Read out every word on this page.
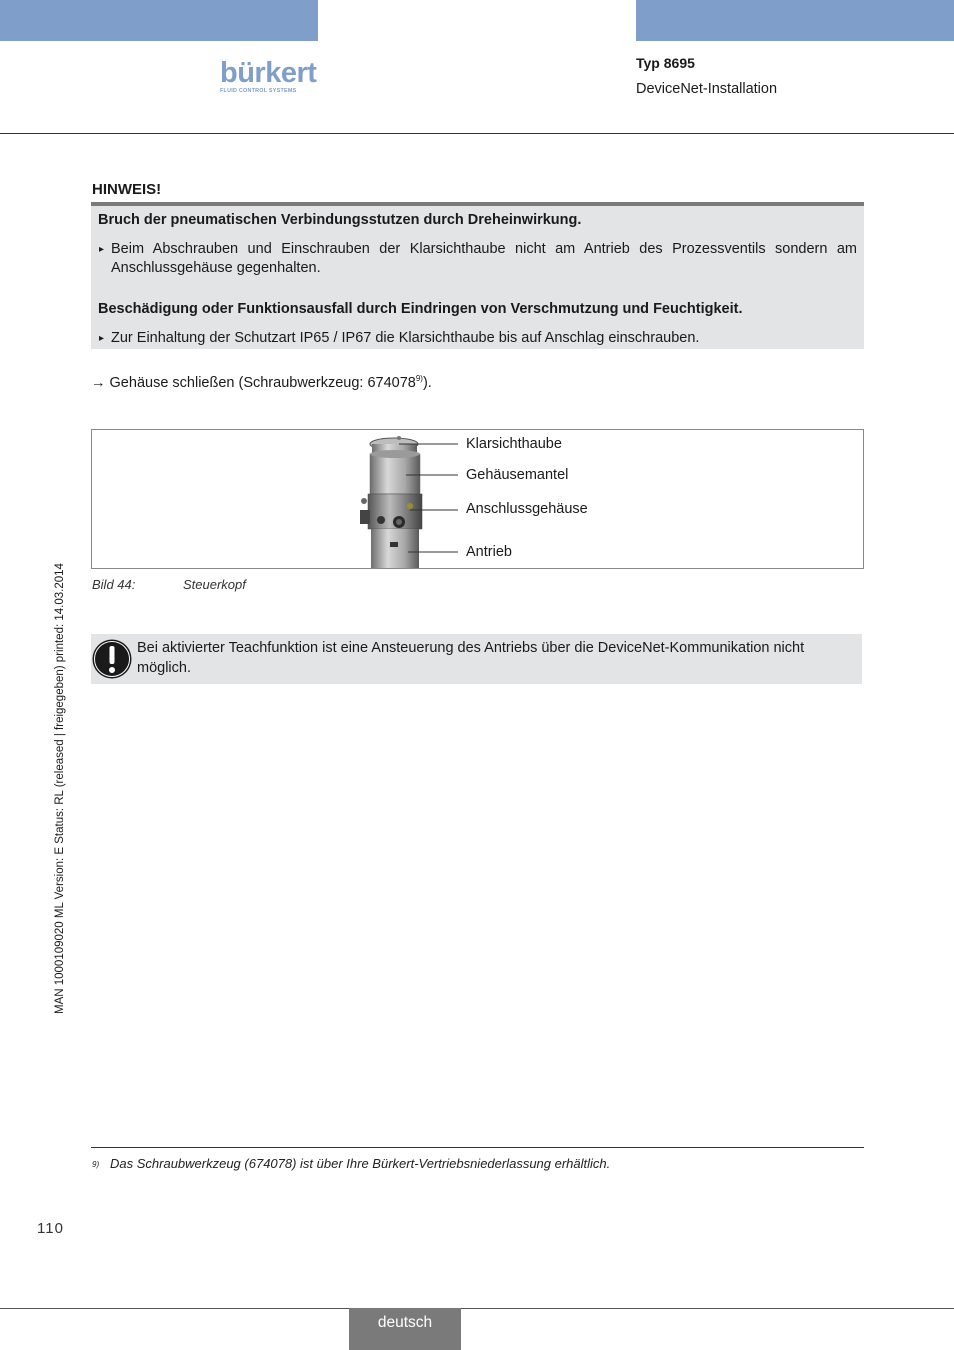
bürkert
FLUID CONTROL SYSTEMS
Typ 8695
DeviceNet-Installation
HINWEIS!
Bruch der pneumatischen Verbindungsstutzen durch Dreheinwirkung.
▸ Beim Abschrauben und Einschrauben der Klarsichthaube nicht am Antrieb des Prozessventils sondern am Anschlussgehäuse gegenhalten.
Beschädigung oder Funktionsausfall durch Eindringen von Verschmutzung und Feuchtigkeit.
▸ Zur Einhaltung der Schutzart IP65 / IP67 die Klarsichthaube bis auf Anschlag einschrauben.
→ Gehäuse schließen (Schraubwerkzeug: 674078$^{9)}$).
Klarsichthaube
Gehäusemantel
Anschlussgehäuse
Antrieb
Bild 44:	Steuerkopf
Bei aktivierter Teachfunktion ist eine Ansteuerung des Antriebs über die DeviceNet-Kommunikation nicht möglich.
MAN 1000109020 ML Version: E Status: RL (released | freigegeben) printed: 14.03.2014
9) Das Schraubwerkzeug (674078) ist über Ihre Bürkert-Vertriebsniederlassung erhältlich.
110
deutsch
